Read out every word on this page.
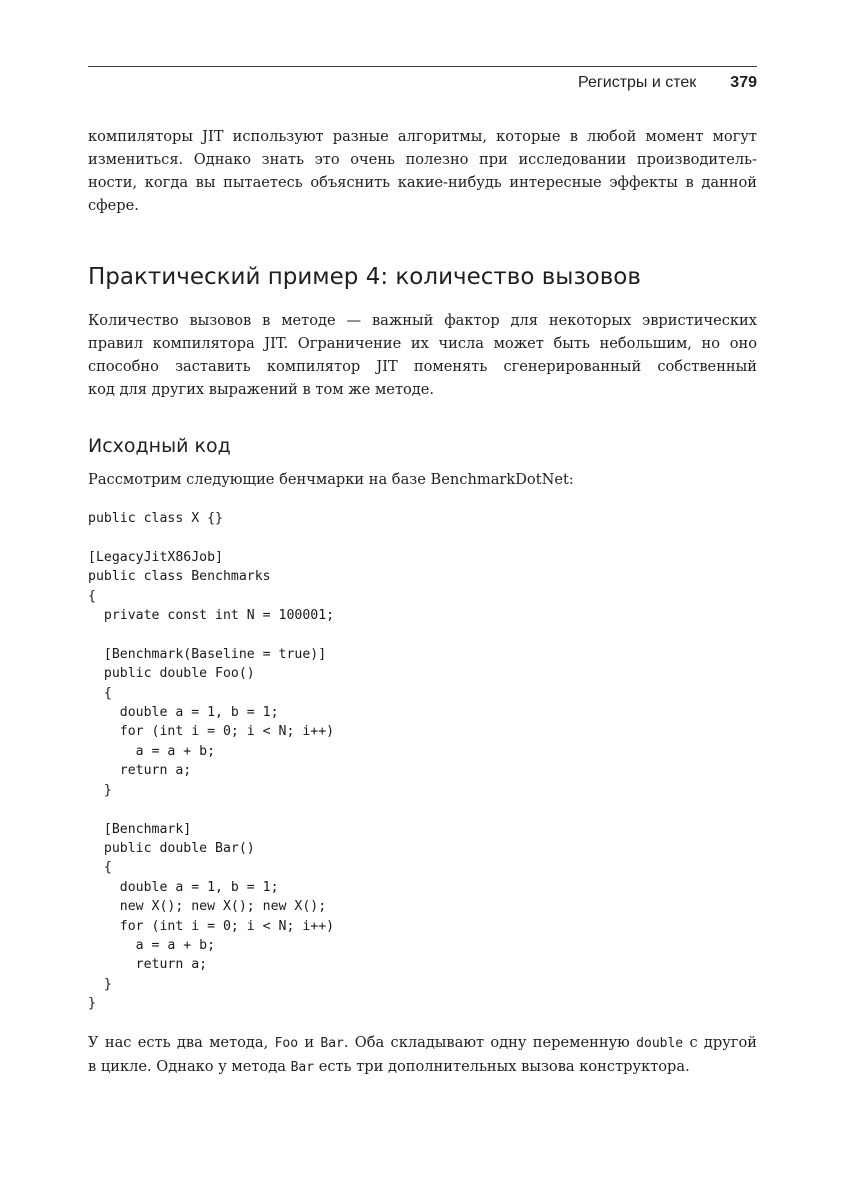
Регистры и стек 379
компиляторы JIT используют разные алгоритмы, которые в любой момент могут
измениться. Однако знать это очень полезно при исследовании производитель-
ности, когда вы пытаетесь объяснить какие-нибудь интересные эффекты в данной
сфере.
Практический пример 4: количество вызовов
Количество вызовов в методе — важный фактор для некоторых эвристических
правил компилятора JIT. Ограничение их числа может быть небольшим, но оно
способно заставить компилятор JIT поменять сгенерированный собственный
код для других выражений в том же методе.
Исходный код
Рассмотрим следующие бенчмарки на базе BenchmarkDotNet:
public class X {}

[LegacyJitX86Job]
public class Benchmarks
{
private const int N = 100001;

[Benchmark(Baseline = true)]
public double Foo()
{
double a = 1, b = 1;
for (int i = 0; i < N; i++)
a = a + b;
return a;
}

[Benchmark]
public double Bar()
{
double a = 1, b = 1;
new X(); new X(); new X();
for (int i = 0; i < N; i++)
a = a + b;
return a;
}
}
У нас есть два метода, Foo и Bar. Оба складывают одну переменную double с другой
в цикле. Однако у метода Bar есть три дополнительных вызова конструктора.
